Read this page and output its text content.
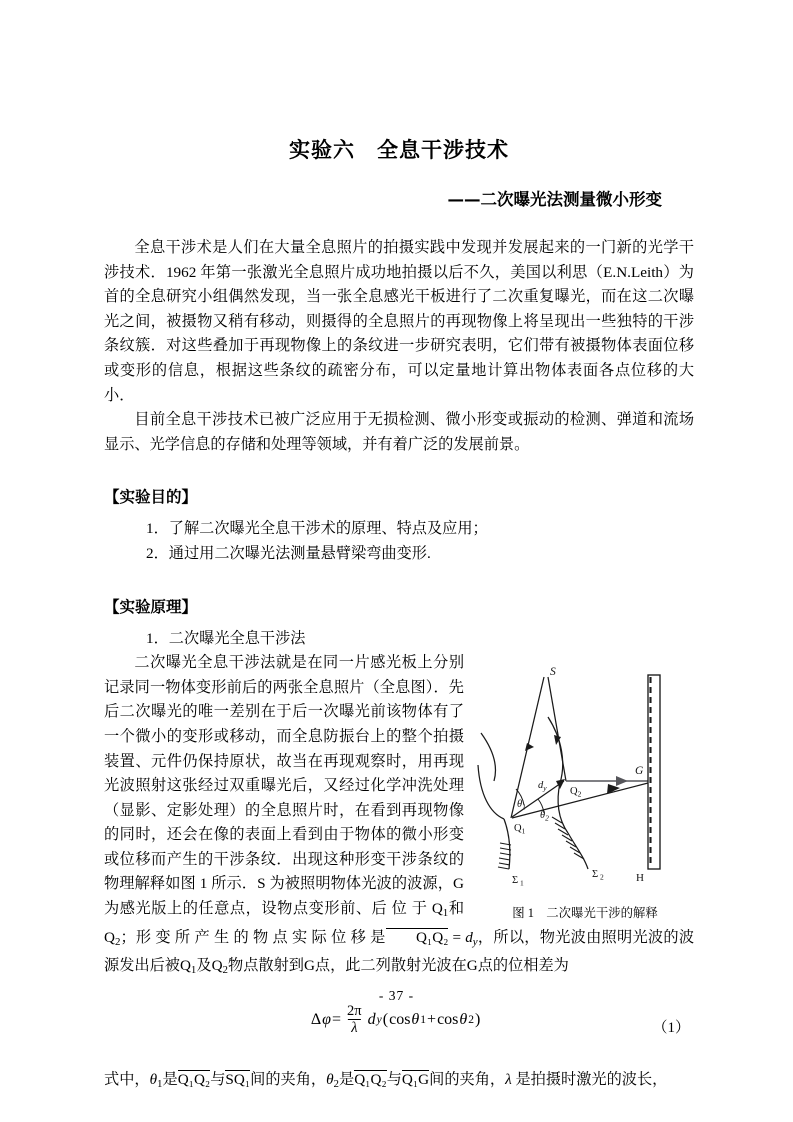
实验六　全息干涉技术
——二次曝光法测量微小形变

全息干涉术是人们在大量全息照片的拍摄实践中发现并发展起来的一门新的光学干涉技术．1962 年第一张激光全息照片成功地拍摄以后不久，美国以利思（E.N.Leith）为首的全息研究小组偶然发现，当一张全息感光干板进行了二次重复曝光，而在这二次曝光之间，被摄物又稍有移动，则摄得的全息照片的再现物像上将呈现出一些独特的干涉条纹簇．对这些叠加于再现物像上的条纹进一步研究表明，它们带有被摄物体表面位移或变形的信息，根据这些条纹的疏密分布，可以定量地计算出物体表面各点位移的大小．

目前全息干涉技术已被广泛应用于无损检测、微小形变或振动的检测、弹道和流场显示、光学信息的存储和处理等领域，并有着广泛的发展前景。

【实验目的】

1．了解二次曝光全息干涉术的原理、特点及应用；

2．通过用二次曝光法测量悬臂梁弯曲变形.

【实验原理】

1．二次曝光全息干涉法

S
$Q_1$
$Q_2$
G
H
$d_y$
$\theta_1$
$\theta_2$
Σ $_1$
Σ $_2$
图 1　二次曝光干涉的解释

二次曝光全息干涉法就是在同一片感光板上分别记录同一物体变形前后的两张全息照片（全息图）．先后二次曝光的唯一差别在于后一次曝光前该物体有了一个微小的变形或移动，而全息防振台上的整个拍摄装置、元件仍保持原状，故当在再现观察时，用再现光波照射这张经过双重曝光后，又经过化学冲洗处理（显影、定影处理）的全息照片时，在看到再现物像的同时，还会在像的表面上看到由于物体的微小形变或位移而产生的干涉条纹．出现这种形变干涉条纹的物理解释如图 1 所示．S 为被照明物体光波的波源，G 为感光版上的任意点，设物点变形前、后 位 于 $Q_1$和 $Q_2$；形 变 所 产 生 的 物 点 实 际 位 移 是 $Q_1Q_2 = d_y$，所以，物光波由照明光波的波源发出后被$Q_1$及$Q_2$物点散射到G点，此二列散射光波在G点的位相差为

Δ $\varphi = \frac{2\pi}{\lambda}$ d y ( cos θ 1 + cos θ 2 )
（1）

式中，$\theta_1$是Q₁Q₂与SQ₁间的夹角，$\theta_2$是Q₁Q₂与Q₁G间的夹角，λ 是拍摄时激光的波长，

- 37 -
